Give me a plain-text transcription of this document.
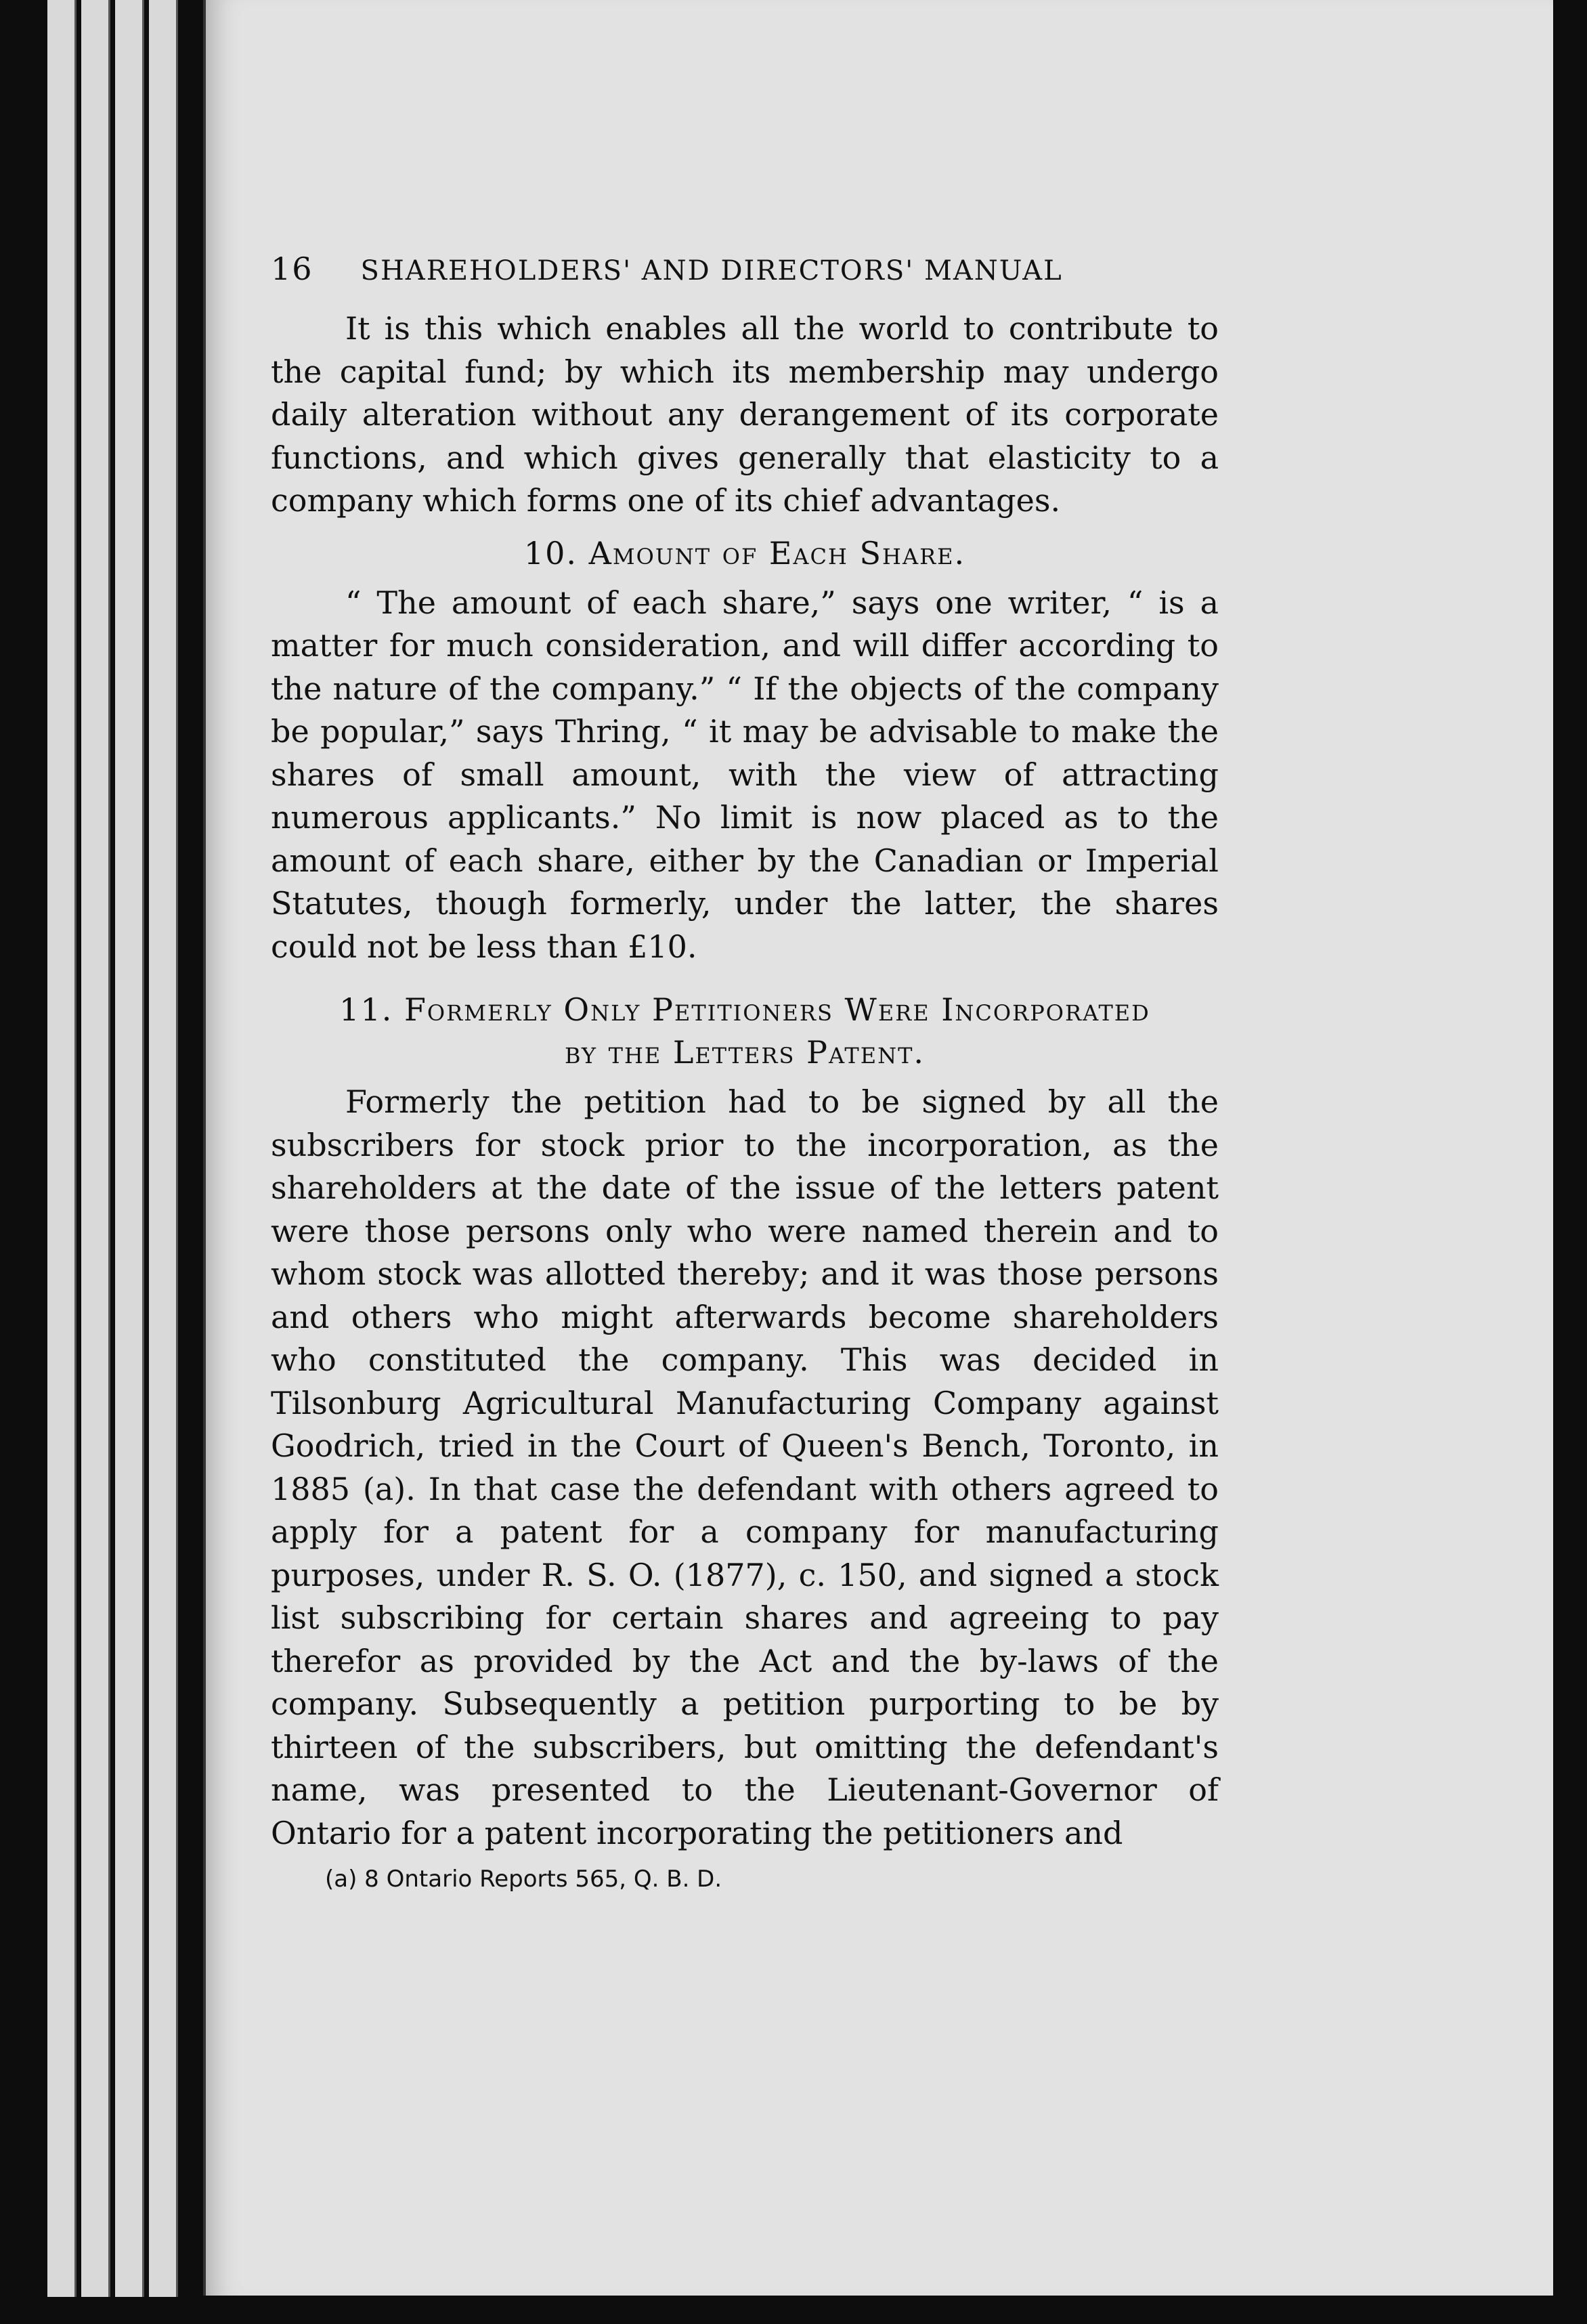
16 SHAREHOLDERS' AND DIRECTORS' MANUAL

It is this which enables all the world to contribute to the capital fund; by which its membership may undergo daily alteration without any derangement of its corporate functions, and which gives generally that elasticity to a company which forms one of its chief advantages.

10. Amount of Each Share.

“ The amount of each share,” says one writer, “ is a matter for much consideration, and will differ according to the nature of the company.” “ If the objects of the company be popular,” says Thring, “ it may be advisable to make the shares of small amount, with the view of attracting numerous applicants.” No limit is now placed as to the amount of each share, either by the Canadian or Imperial Statutes, though formerly, under the latter, the shares could not be less than £10.

11. Formerly Only Petitioners Were Incorporated
by the Letters Patent.

Formerly the petition had to be signed by all the subscribers for stock prior to the incorporation, as the shareholders at the date of the issue of the letters patent were those persons only who were named therein and to whom stock was allotted thereby; and it was those persons and others who might afterwards become shareholders who constituted the company. This was decided in Tilsonburg Agricultural Manufacturing Company against Goodrich, tried in the Court of Queen's Bench, Toronto, in 1885 (a). In that case the defendant with others agreed to apply for a patent for a company for manufacturing purposes, under R. S. O. (1877), c. 150, and signed a stock list subscribing for certain shares and agreeing to pay therefor as provided by the Act and the by-laws of the company. Subsequently a petition purporting to be by thirteen of the subscribers, but omitting the defendant's name, was presented to the Lieutenant-Governor of Ontario for a patent incorporating the petitioners and

(a) 8 Ontario Reports 565, Q. B. D.
